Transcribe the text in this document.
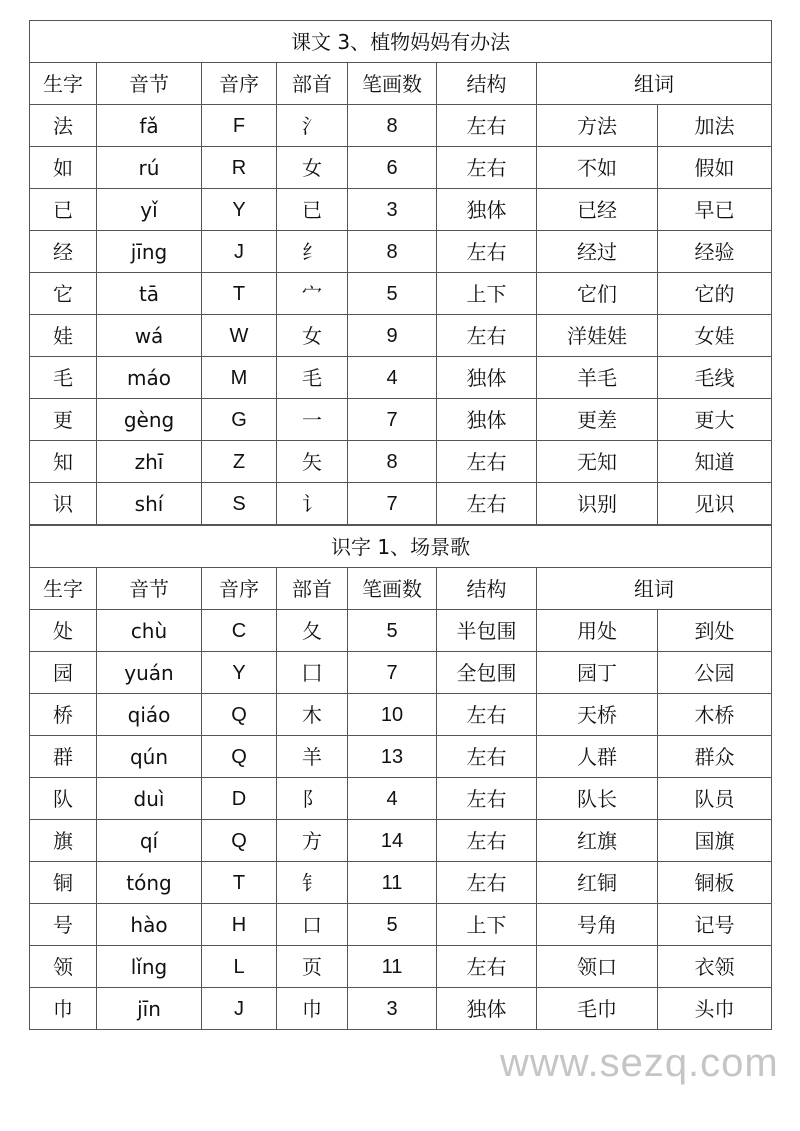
课文 3、植物妈妈有办法							
生字	音节	音序	部首	笔画数	结构	组词	
法	fǎ	F	氵	8	左右	方法	加法
如	rú	R	女	6	左右	不如	假如
已	yǐ	Y	已	3	独体	已经	早已
经	jīng	J	纟	8	左右	经过	经验
它	tā	T	宀	5	上下	它们	它的
娃	wá	W	女	9	左右	洋娃娃	女娃
毛	máo	M	毛	4	独体	羊毛	毛线
更	gèng	G	一	7	独体	更差	更大
知	zhī	Z	矢	8	左右	无知	知道
识	shí	S	讠	7	左右	识别	见识
识字 1、场景歌							
生字	音节	音序	部首	笔画数	结构	组词	
处	chù	C	夂	5	半包围	用处	到处
园	yuán	Y	囗	7	全包围	园丁	公园
桥	qiáo	Q	木	10	左右	天桥	木桥
群	qún	Q	羊	13	左右	人群	群众
队	duì	D	阝	4	左右	队长	队员
旗	qí	Q	方	14	左右	红旗	国旗
铜	tóng	T	钅	11	左右	红铜	铜板
号	hào	H	口	5	上下	号角	记号
领	lǐng	L	页	11	左右	领口	衣领
巾	jīn	J	巾	3	独体	毛巾	头巾
www.sezq.com
